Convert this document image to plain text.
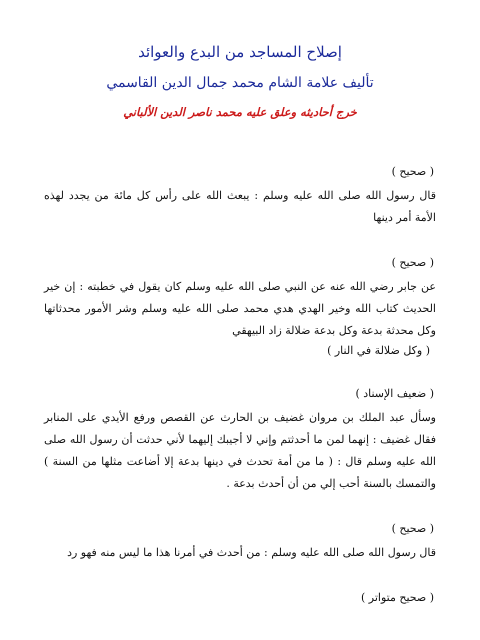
إصلاح المساجد من البدع والعوائد
تأليف علامة الشام محمد جمال الدين القاسمي
خرج أحاديثه وعلق عليه محمد ناصر الدين الألباني
( صحيح )

قال رسول الله صلى الله عليه وسلم : يبعث الله على رأس كل مائة من يجدد لهذه الأمة أمر دينها

( صحيح )

عن جابر رضي الله عنه عن النبي صلى الله عليه وسلم كان يقول في خطبته : إن خير الحديث كتاب الله وخير الهدي هدي محمد صلى الله عليه وسلم وشر الأمور محدثاتها وكل محدثة بدعة وكل بدعة ضلالة زاد البيهقي

( وكل ضلالة في النار )
( ضعيف الإسناد )

وسأل عبد الملك بن مروان غضيف بن الحارث عن القصص ورفع الأيدي على المنابر فقال غضيف : إنهما لمن ما أحدثتم وإني لا أجيبك إليهما لأني حدثت أن رسول الله صلى الله عليه وسلم قال : ( ما من أمة تحدث في دينها بدعة إلا أضاعت مثلها من السنة ) والتمسك بالسنة أحب إلي من أن أحدث بدعة .

( صحيح )

قال رسول الله صلى الله عليه وسلم : من أحدث في أمرنا هذا ما ليس منه فهو رد

( صحيح متواتر )
